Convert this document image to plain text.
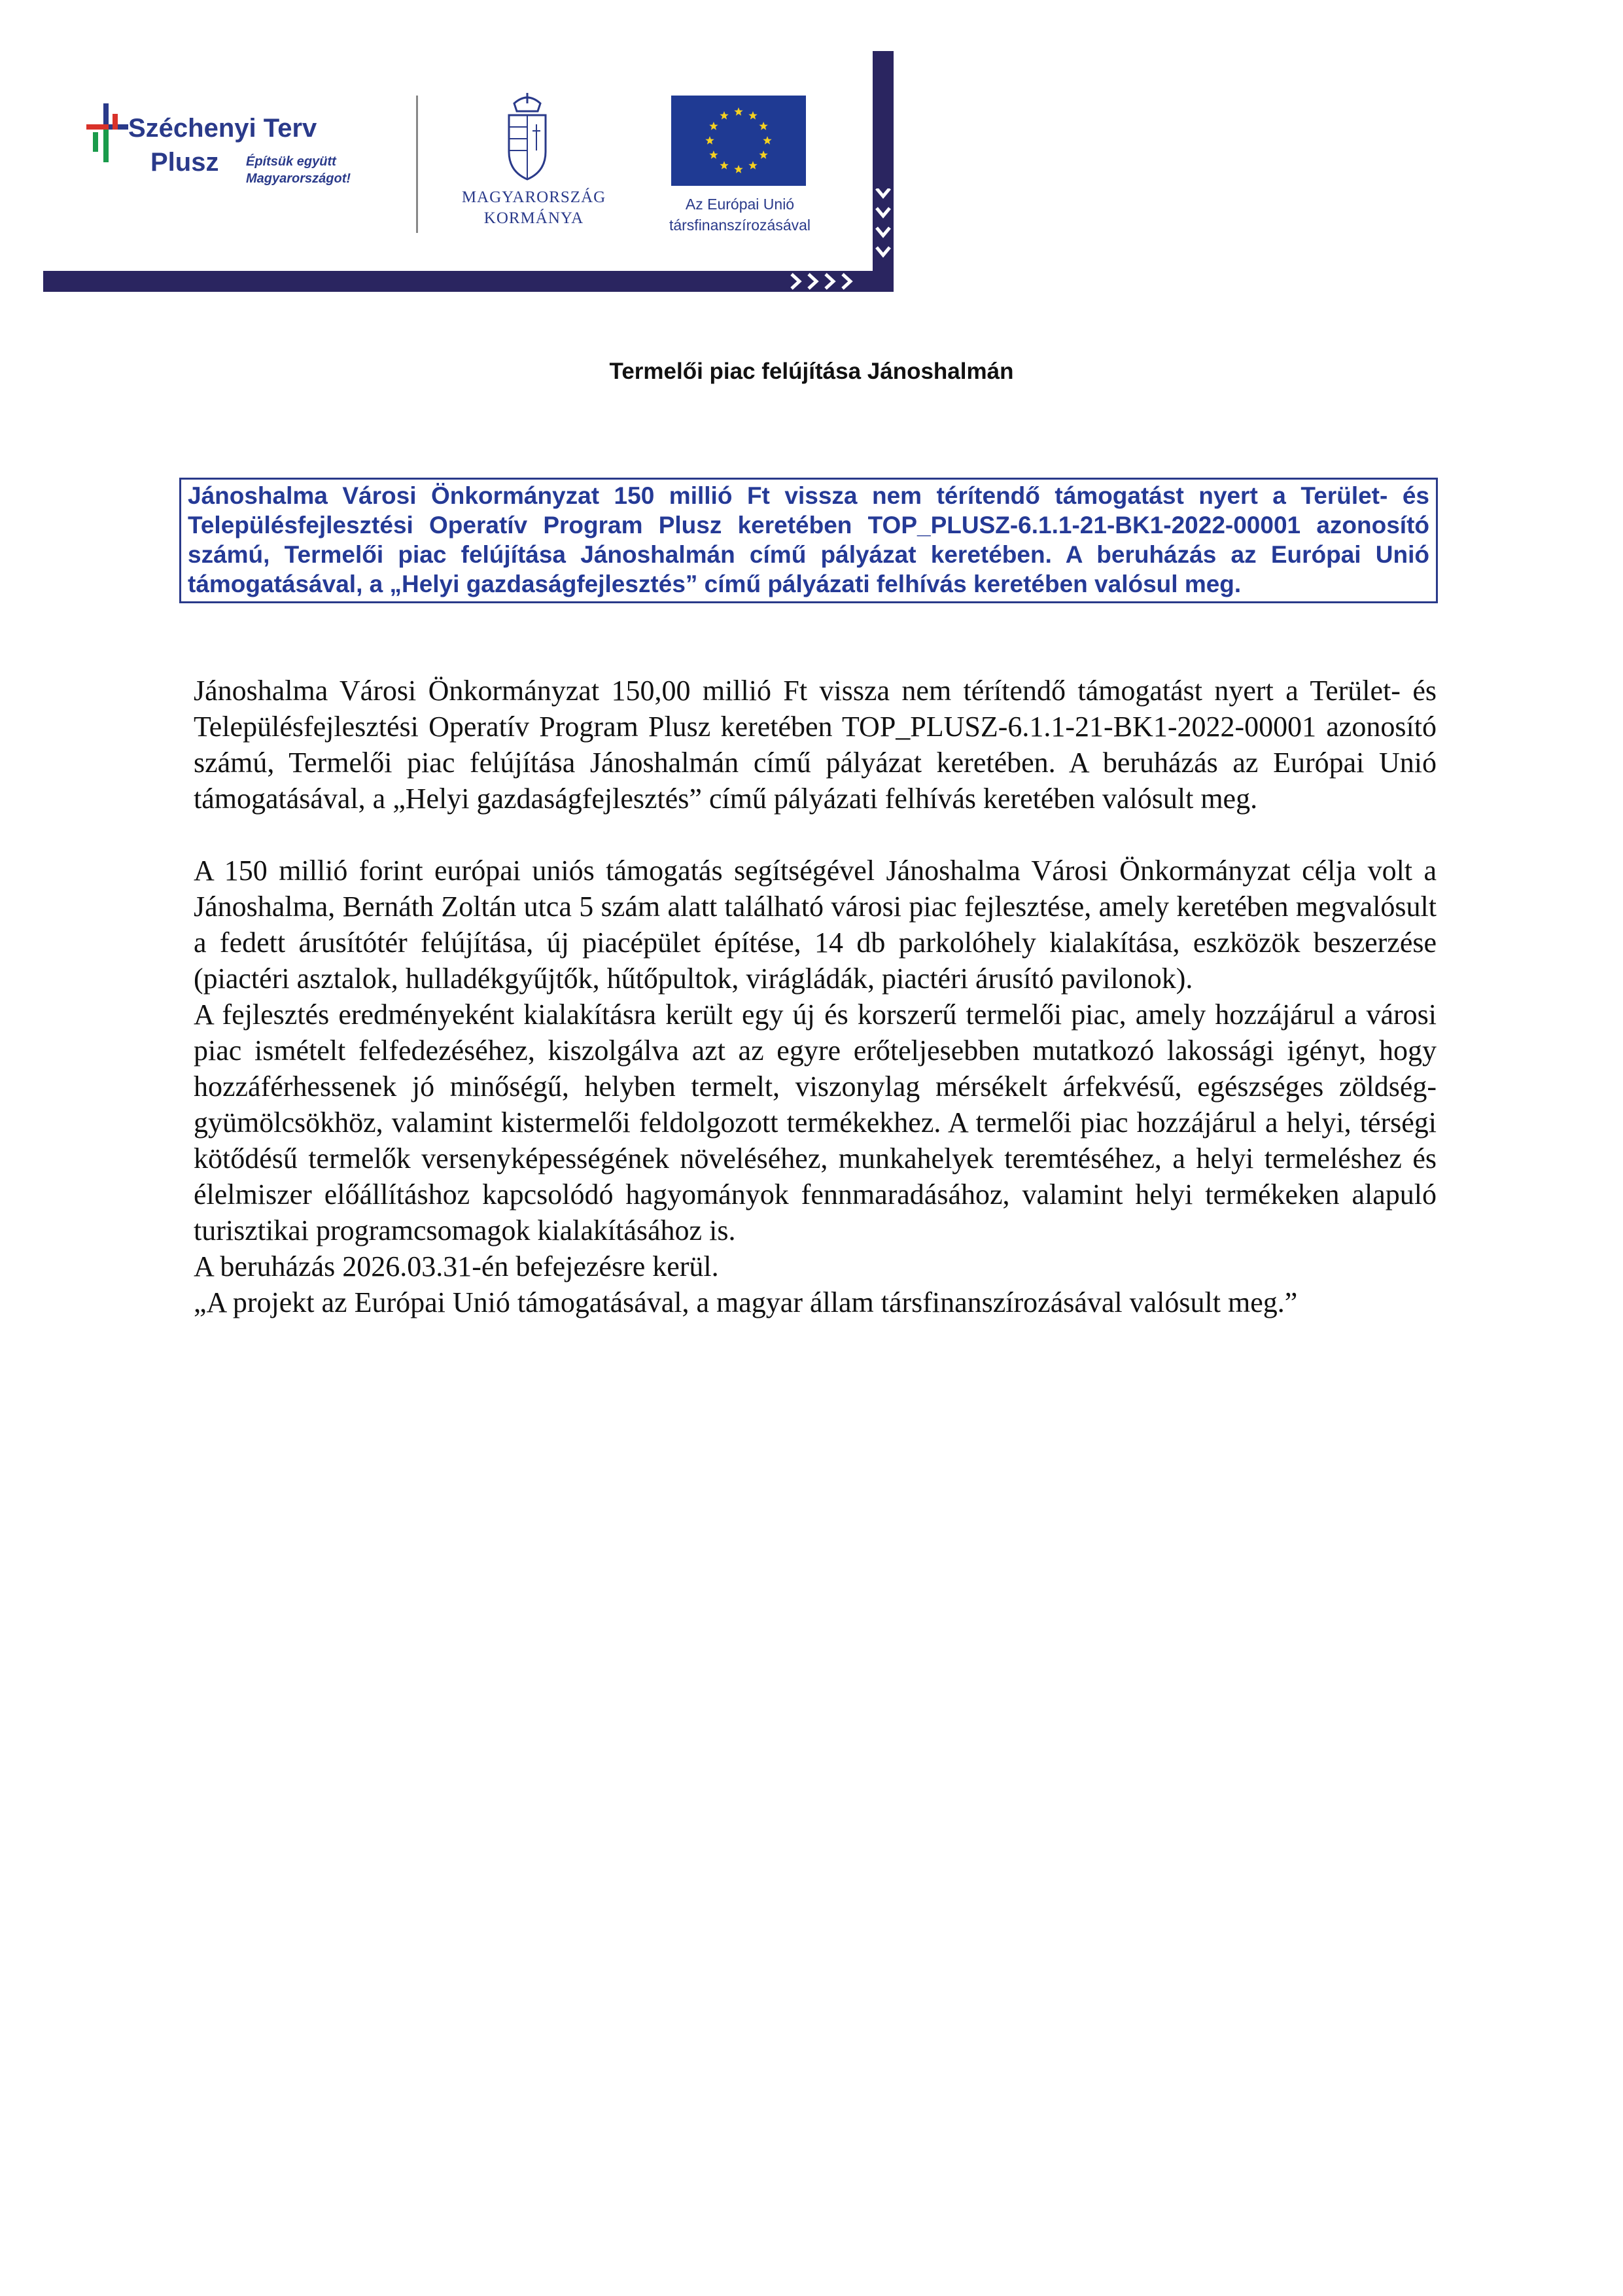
Széchenyi Terv
Plusz Építsük együtt
Magyarországot!
MAGYARORSZÁG
KORMÁNYA
Az Európai Unió
társfinanszírozásával
Termelői piac felújítása Jánoshalmán
Jánoshalma Városi Önkormányzat 150 millió Ft vissza nem térítendő támogatást nyert a Terület- és Településfejlesztési Operatív Program Plusz keretében TOP_PLUSZ-6.1.1-21-BK1-2022-00001 azonosító számú, Termelői piac felújítása Jánoshalmán című pályázat keretében. A beruházás az Európai Unió támogatásával, a „Helyi gazdaságfejlesztés” című pályázati felhívás keretében valósul meg.

Jánoshalma Városi Önkormányzat 150,00 millió Ft vissza nem térítendő támogatást nyert a Terület- és Településfejlesztési Operatív Program Plusz keretében TOP_PLUSZ-6.1.1-21-BK1-2022-00001 azonosító számú, Termelői piac felújítása Jánoshalmán című pályázat keretében. A beruházás az Európai Unió támogatásával, a „Helyi gazdaságfejlesztés” című pályázati felhívás keretében valósult meg.

A 150 millió forint európai uniós támogatás segítségével Jánoshalma Városi Önkormányzat célja volt a Jánoshalma, Bernáth Zoltán utca 5 szám alatt található városi piac fejlesztése, amely keretében megvalósult a fedett árusítótér felújítása, új piacépület építése, 14 db parkolóhely kialakítása, eszközök beszerzése (piactéri asztalok, hulladékgyűjtők, hűtőpultok, virágládák, piactéri árusító pavilonok).

A fejlesztés eredményeként kialakításra került egy új és korszerű termelői piac, amely hozzájárul a városi piac ismételt felfedezéséhez, kiszolgálva azt az egyre erőteljesebben mutatkozó lakossági igényt, hogy hozzáférhessenek jó minőségű, helyben termelt, viszonylag mérsékelt árfekvésű, egészséges zöldség-gyümölcsökhöz, valamint kistermelői feldolgozott termékekhez. A termelői piac hozzájárul a helyi, térségi kötődésű termelők versenyképességének növeléséhez, munkahelyek teremtéséhez, a helyi termeléshez és élelmiszer előállításhoz kapcsolódó hagyományok fennmaradásához, valamint helyi termékeken alapuló turisztikai programcsomagok kialakításához is.

A beruházás 2026.03.31-én befejezésre kerül.

„A projekt az Európai Unió támogatásával, a magyar állam társfinanszírozásával valósult meg.”
